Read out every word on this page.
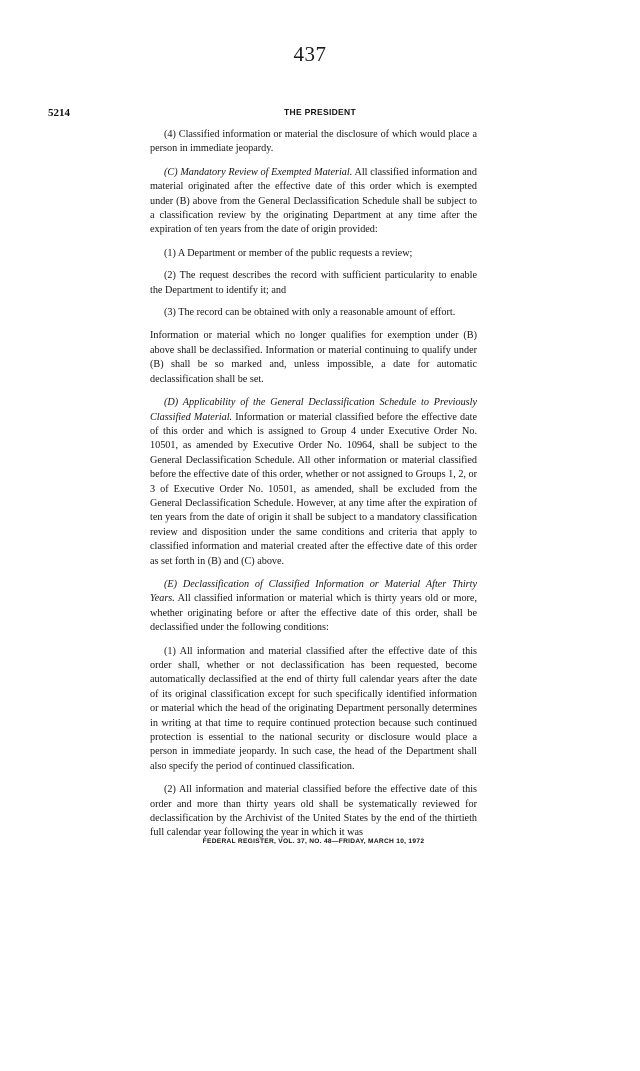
437
5214	THE PRESIDENT

(4) Classified information or material the disclosure of which would place a person in immediate jeopardy.

(C) Mandatory Review of Exempted Material. All classified information and material originated after the effective date of this order which is exempted under (B) above from the General Declassification Schedule shall be subject to a classification review by the originating Department at any time after the expiration of ten years from the date of origin provided:

(1) A Department or member of the public requests a review;

(2) The request describes the record with sufficient particularity to enable the Department to identify it; and

(3) The record can be obtained with only a reasonable amount of effort.

Information or material which no longer qualifies for exemption under (B) above shall be declassified. Information or material continuing to qualify under (B) shall be so marked and, unless impossible, a date for automatic declassification shall be set.

(D) Applicability of the General Declassification Schedule to Previously Classified Material. Information or material classified before the effective date of this order and which is assigned to Group 4 under Executive Order No. 10501, as amended by Executive Order No. 10964, shall be subject to the General Declassification Schedule. All other information or material classified before the effective date of this order, whether or not assigned to Groups 1, 2, or 3 of Executive Order No. 10501, as amended, shall be excluded from the General Declassification Schedule. However, at any time after the expiration of ten years from the date of origin it shall be subject to a mandatory classification review and disposition under the same conditions and criteria that apply to classified information and material created after the effective date of this order as set forth in (B) and (C) above.

(E) Declassification of Classified Information or Material After Thirty Years. All classified information or material which is thirty years old or more, whether originating before or after the effective date of this order, shall be declassified under the following conditions:

(1) All information and material classified after the effective date of this order shall, whether or not declassification has been requested, become automatically declassified at the end of thirty full calendar years after the date of its original classification except for such specifically identified information or material which the head of the originating Department personally determines in writing at that time to require continued protection because such continued protection is essential to the national security or disclosure would place a person in immediate jeopardy. In such case, the head of the Department shall also specify the period of continued classification.

(2) All information and material classified before the effective date of this order and more than thirty years old shall be systematically reviewed for declassification by the Archivist of the United States by the end of the thirtieth full calendar year following the year in which it was

FEDERAL REGISTER, VOL. 37, NO. 48—FRIDAY, MARCH 10, 1972
